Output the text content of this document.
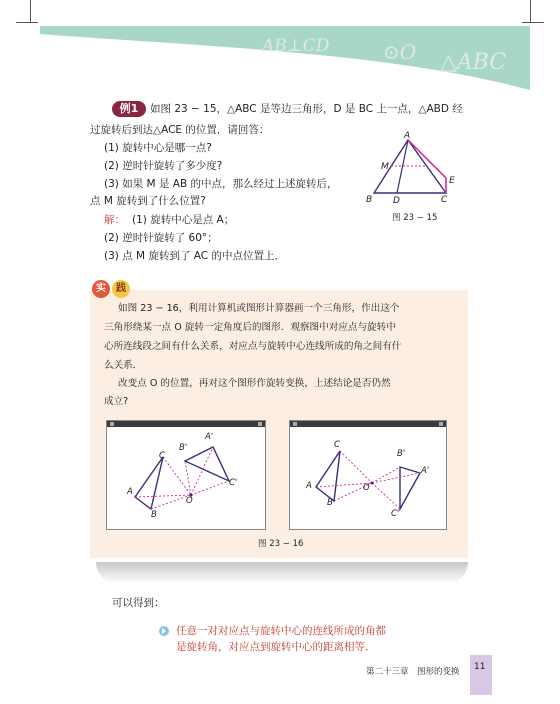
AB⊥CD	⊙O △ABC
例1	如图 23 − 15，△ABC 是等边三角形，D 是 BC 上一点，△ABD 经
过旋转后到达△ACE 的位置．请回答：
(1) 旋转中心是哪一点?
(2) 逆时针旋转了多少度?
(3) 如果 M 是 AB 的中点，那么经过上述旋转后，
点 M 旋转到了什么位置?
解： (1) 旋转中心是点 A；
(2) 逆时针旋转了 60°；
(3) 点 M 旋转到了 AC 的中点位置上．
A
M
B D	C
E
图 23 − 15
实	践
如图 23 − 16，利用计算机或图形计算器画一个三角形，作出这个
三角形绕某一点 O 旋转一定角度后的图形．观察图中对应点与旋转中
心所连线段之间有什么关系，对应点与旋转中心连线所成的角之间有什
么关系．
改变点 O 的位置，再对这个图形作旋转变换，上述结论是否仍然
成立?
A
B
C
O
A'
B'
C'	A
B
C
O
A'
B'
C'
图 23 − 16
可以得到：
任意一对对应点与旋转中心的连线所成的角都
是旋转角，对应点到旋转中心的距离相等．
第二十三章　图形的变换 11
